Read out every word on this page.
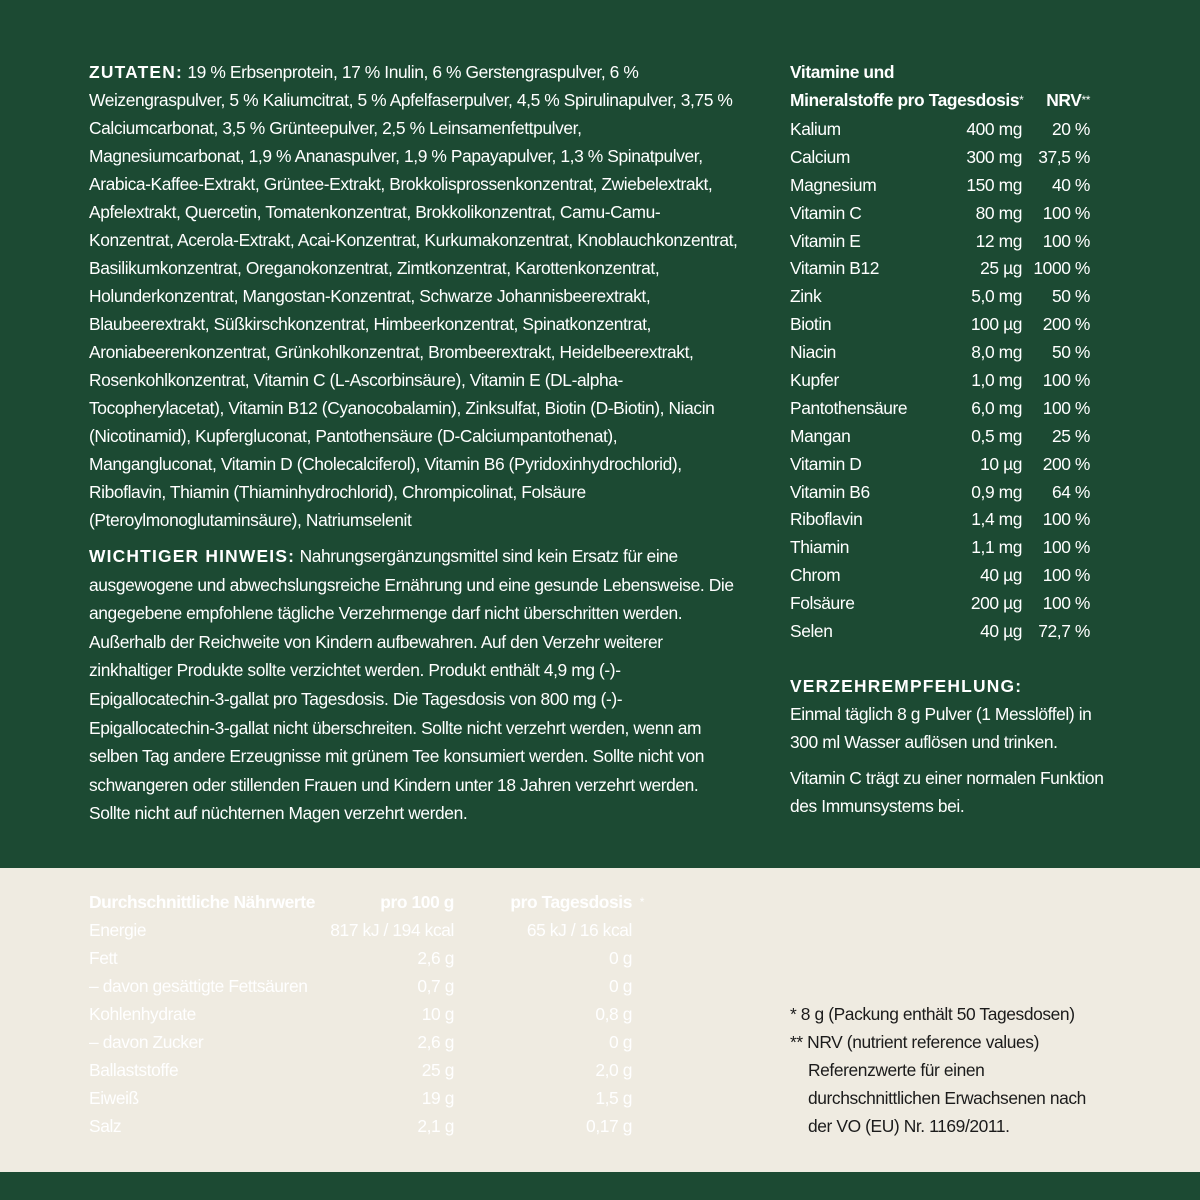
ZUTATEN: 19 % Erbsenprotein, 17 % Inulin, 6 % Gerstengraspulver, 6 % Weizengraspulver, 5 % Kaliumcitrat, 5 % Apfelfaserpulver, 4,5 % Spirulinapulver, 3,75 % Calciumcarbonat, 3,5 % Grünteepulver, 2,5 % Leinsamenfettpulver, Magnesiumcarbonat, 1,9 % Ananaspulver, 1,9 % Papayapulver, 1,3 % Spinatpulver, Arabica-Kaffee-Extrakt, Grüntee-Extrakt, Brokkolisprossenkonzentrat, Zwiebelextrakt, Apfelextrakt, Quercetin, Tomatenkonzentrat, Brokkolikonzentrat, Camu-Camu-Konzentrat, Acerola-Extrakt, Acai-Konzentrat, Kurkumakonzentrat, Knoblauchkonzentrat, Basilikumkonzentrat, Oreganokonzentrat, Zimtkonzentrat, Karottenkonzentrat, Holunderkonzentrat, Mangostan-Konzentrat, Schwarze Johannisbeerextrakt, Blaubeerextrakt, Süßkirschkonzentrat, Himbeerkonzentrat, Spinatkonzentrat, Aroniabeerenkonzentrat, Grünkohlkonzentrat, Brombeerextrakt, Heidelbeerextrakt, Rosenkohlkonzentrat, Vitamin C (L-Ascorbinsäure), Vitamin E (DL-alpha-Tocopherylacetat), Vitamin B12 (Cyanocobalamin), Zinksulfat, Biotin (D-Biotin), Niacin (Nicotinamid), Kupfergluconat, Pantothensäure (D-Calciumpantothenat), Mangangluconat, Vitamin D (Cholecalciferol), Vitamin B6 (Pyridoxinhydrochlorid), Riboflavin, Thiamin (Thiaminhydrochlorid), Chrompicolinat, Folsäure (Pteroylmonoglutaminsäure), Natriumselenit
WICHTIGER HINWEIS: Nahrungsergänzungsmittel sind kein Ersatz für eine ausgewogene und abwechslungsreiche Ernährung und eine gesunde Lebensweise. Die angegebene empfohlene tägliche Verzehrmenge darf nicht überschritten werden. Außerhalb der Reichweite von Kindern aufbewahren. Auf den Verzehr weiterer zinkhaltiger Produkte sollte verzichtet werden. Produkt enthält 4,9 mg (-)-Epigallocatechin-3-gallat pro Tagesdosis. Die Tagesdosis von 800 mg (-)-Epigallocatechin-3-gallat nicht überschreiten. Sollte nicht verzehrt werden, wenn am selben Tag andere Erzeugnisse mit grünem Tee konsumiert werden. Sollte nicht von schwangeren oder stillenden Frauen und Kindern unter 18 Jahren verzehrt werden. Sollte nicht auf nüchternen Magen verzehrt werden.
Vitamine und
Mineralstoffe pro Tagesdosis* NRV**
Kalium	400 mg 20 %
Calcium	300 mg 37,5 %
Magnesium	150 mg 40 %
Vitamin C	80 mg 100 %
Vitamin E	12 mg 100 %
Vitamin B12	25 µg 1000 %
Zink	5,0 mg 50 %
Biotin	100 µg 200 %
Niacin	8,0 mg 50 %
Kupfer	1,0 mg 100 %
Pantothensäure	6,0 mg 100 %
Mangan	0,5 mg 25 %
Vitamin D	10 µg 200 %
Vitamin B6	0,9 mg 64 %
Riboflavin	1,4 mg 100 %
Thiamin	1,1 mg 100 %
Chrom	40 µg 100 %
Folsäure	200 µg 100 %
Selen	40 µg 72,7 %
VERZEHREMPFEHLUNG:
Einmal täglich 8 g Pulver (1 Messlöffel) in 300 ml Wasser auflösen und trinken.
Vitamin C trägt zu einer normalen Funktion des Immunsystems bei.
Durchschnittliche Nährwerte	pro 100 g	pro Tagesdosis *
Energie	817 kJ / 194 kcal	65 kJ / 16 kcal
Fett	2,6 g	0 g
– davon gesättigte Fettsäuren	0,7 g	0 g
Kohlenhydrate	10 g	0,8 g
– davon Zucker	2,6 g	0 g
Ballaststoffe	25 g	2,0 g
Eiweiß	19 g	1,5 g
Salz	2,1 g	0,17 g
* 8 g (Packung enthält 50 Tagesdosen)
** NRV (nutrient reference values)
Referenzwerte für einen
durchschnittlichen Erwachsenen nach
der VO (EU) Nr. 1169/2011.
